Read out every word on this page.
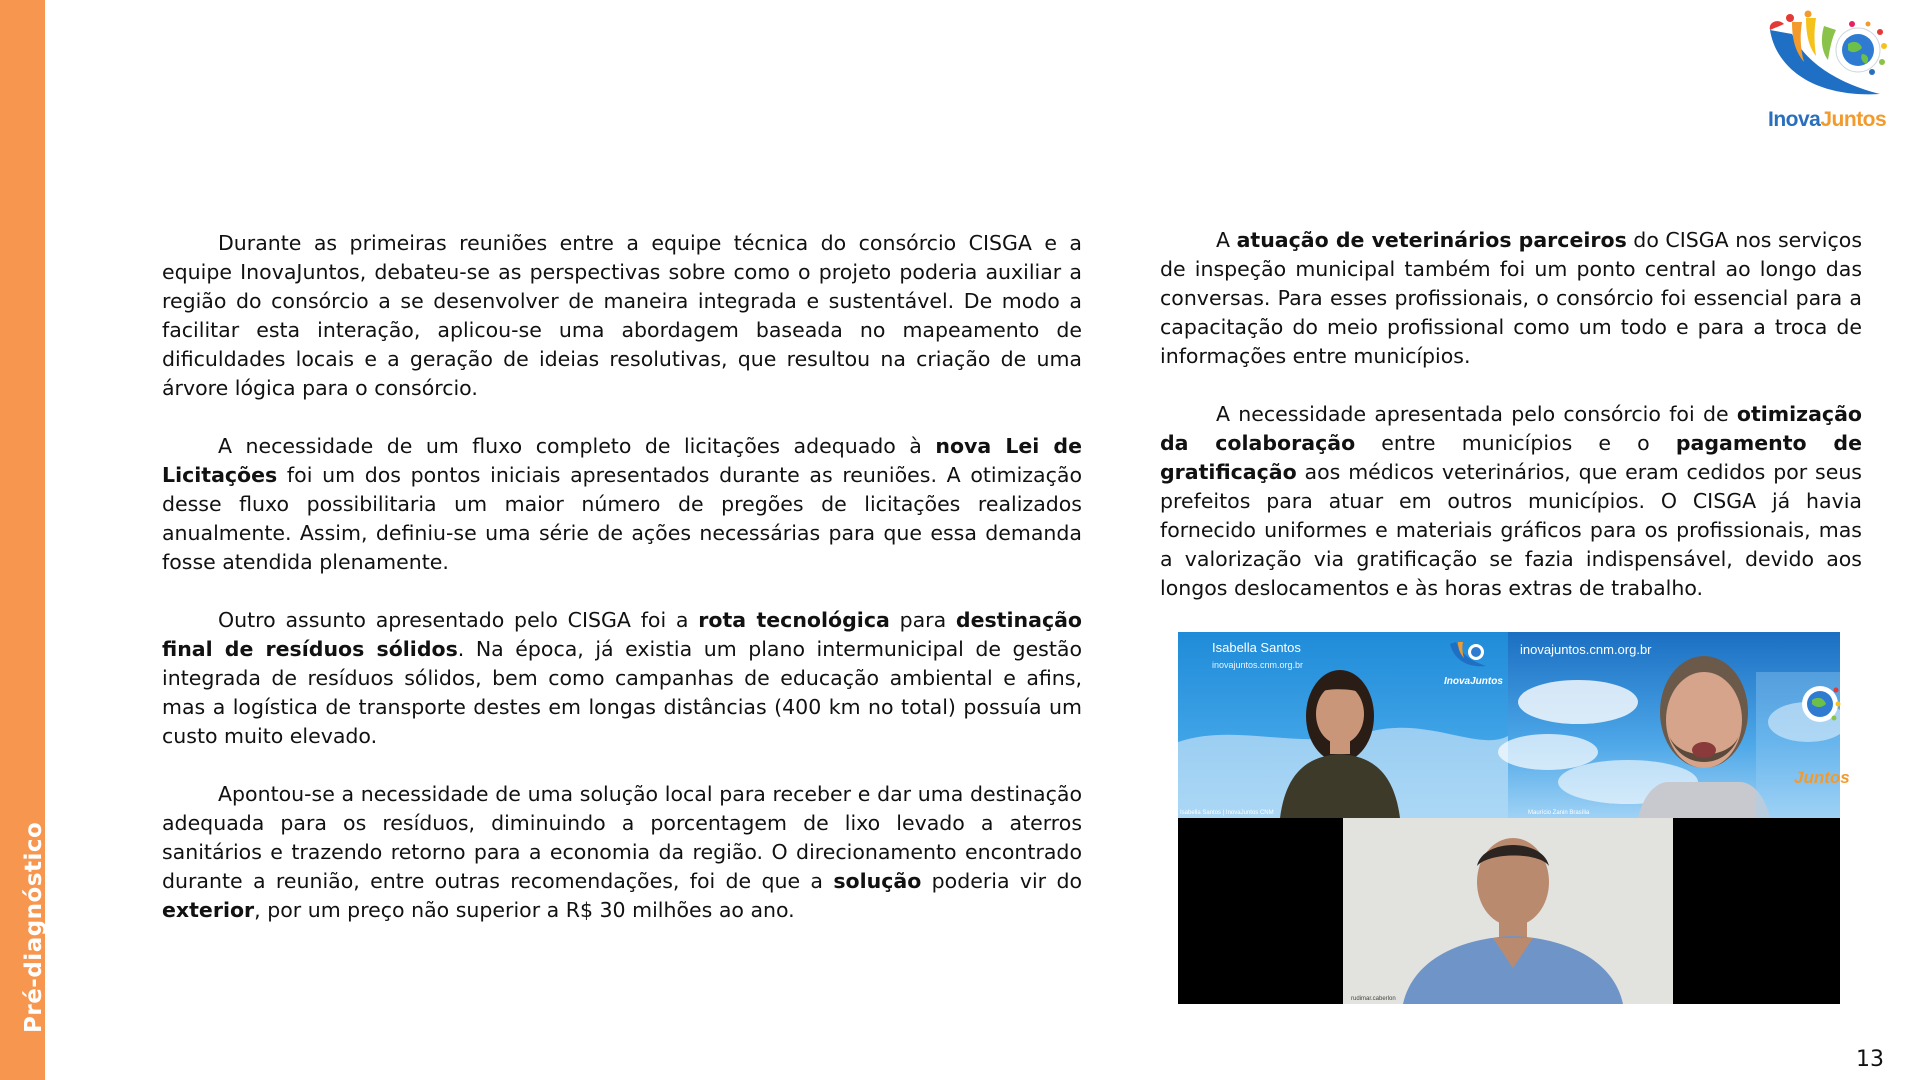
Pré-diagnóstico
InovaJuntos

Durante as primeiras reuniões entre a equipe técnica do consórcio CISGA e a equipe InovaJuntos, debateu-se as perspectivas sobre como o projeto poderia auxiliar a região do consórcio a se desenvolver de maneira integrada e sustentável. De modo a facilitar esta interação, aplicou-se uma abordagem baseada no mapeamento de dificuldades locais e a geração de ideias resolutivas, que resultou na criação de uma árvore lógica para o consórcio.

A necessidade de um fluxo completo de licitações adequado à nova Lei de Licitações foi um dos pontos iniciais apresentados durante as reuniões. A otimização desse fluxo possibilitaria um maior número de pregões de licitações realizados anualmente. Assim, definiu-se uma série de ações necessárias para que essa demanda fosse atendida plenamente.

Outro assunto apresentado pelo CISGA foi a rota tecnológica para destinação final de resíduos sólidos. Na época, já existia um plano intermunicipal de gestão integrada de resíduos sólidos, bem como campanhas de educação ambiental e afins, mas a logística de transporte destes em longas distâncias (400 km no total) possuía um custo muito elevado.

Apontou-se a necessidade de uma solução local para receber e dar uma destinação adequada para os resíduos, diminuindo a porcentagem de lixo levado a aterros sanitários e trazendo retorno para a economia da região. O direcionamento encontrado durante a reunião, entre outras recomendações, foi de que a solução poderia vir do exterior, por um preço não superior a R$ 30 milhões ao ano.

A atuação de veterinários parceiros do CISGA nos serviços de inspeção municipal também foi um ponto central ao longo das conversas. Para esses profissionais, o consórcio foi essencial para a capacitação do meio profissional como um todo e para a troca de informações entre municípios.

A necessidade apresentada pelo consórcio foi de otimização da colaboração entre municípios e o pagamento de gratificação aos médicos veterinários, que eram cedidos por seus prefeitos para atuar em outros municípios. O CISGA já havia fornecido uniformes e materiais gráficos para os profissionais, mas a valorização via gratificação se fazia indispensável, devido aos longos deslocamentos e às horas extras de trabalho.

Isabella Santos
inovajuntos.cnm.org.br
InovaJuntos
Isabella Santos | InovaJuntos CNM
inovajuntos.cnm.org.br
Juntos
Maurício Zanin Brasília
rudimar.caberlon
13
